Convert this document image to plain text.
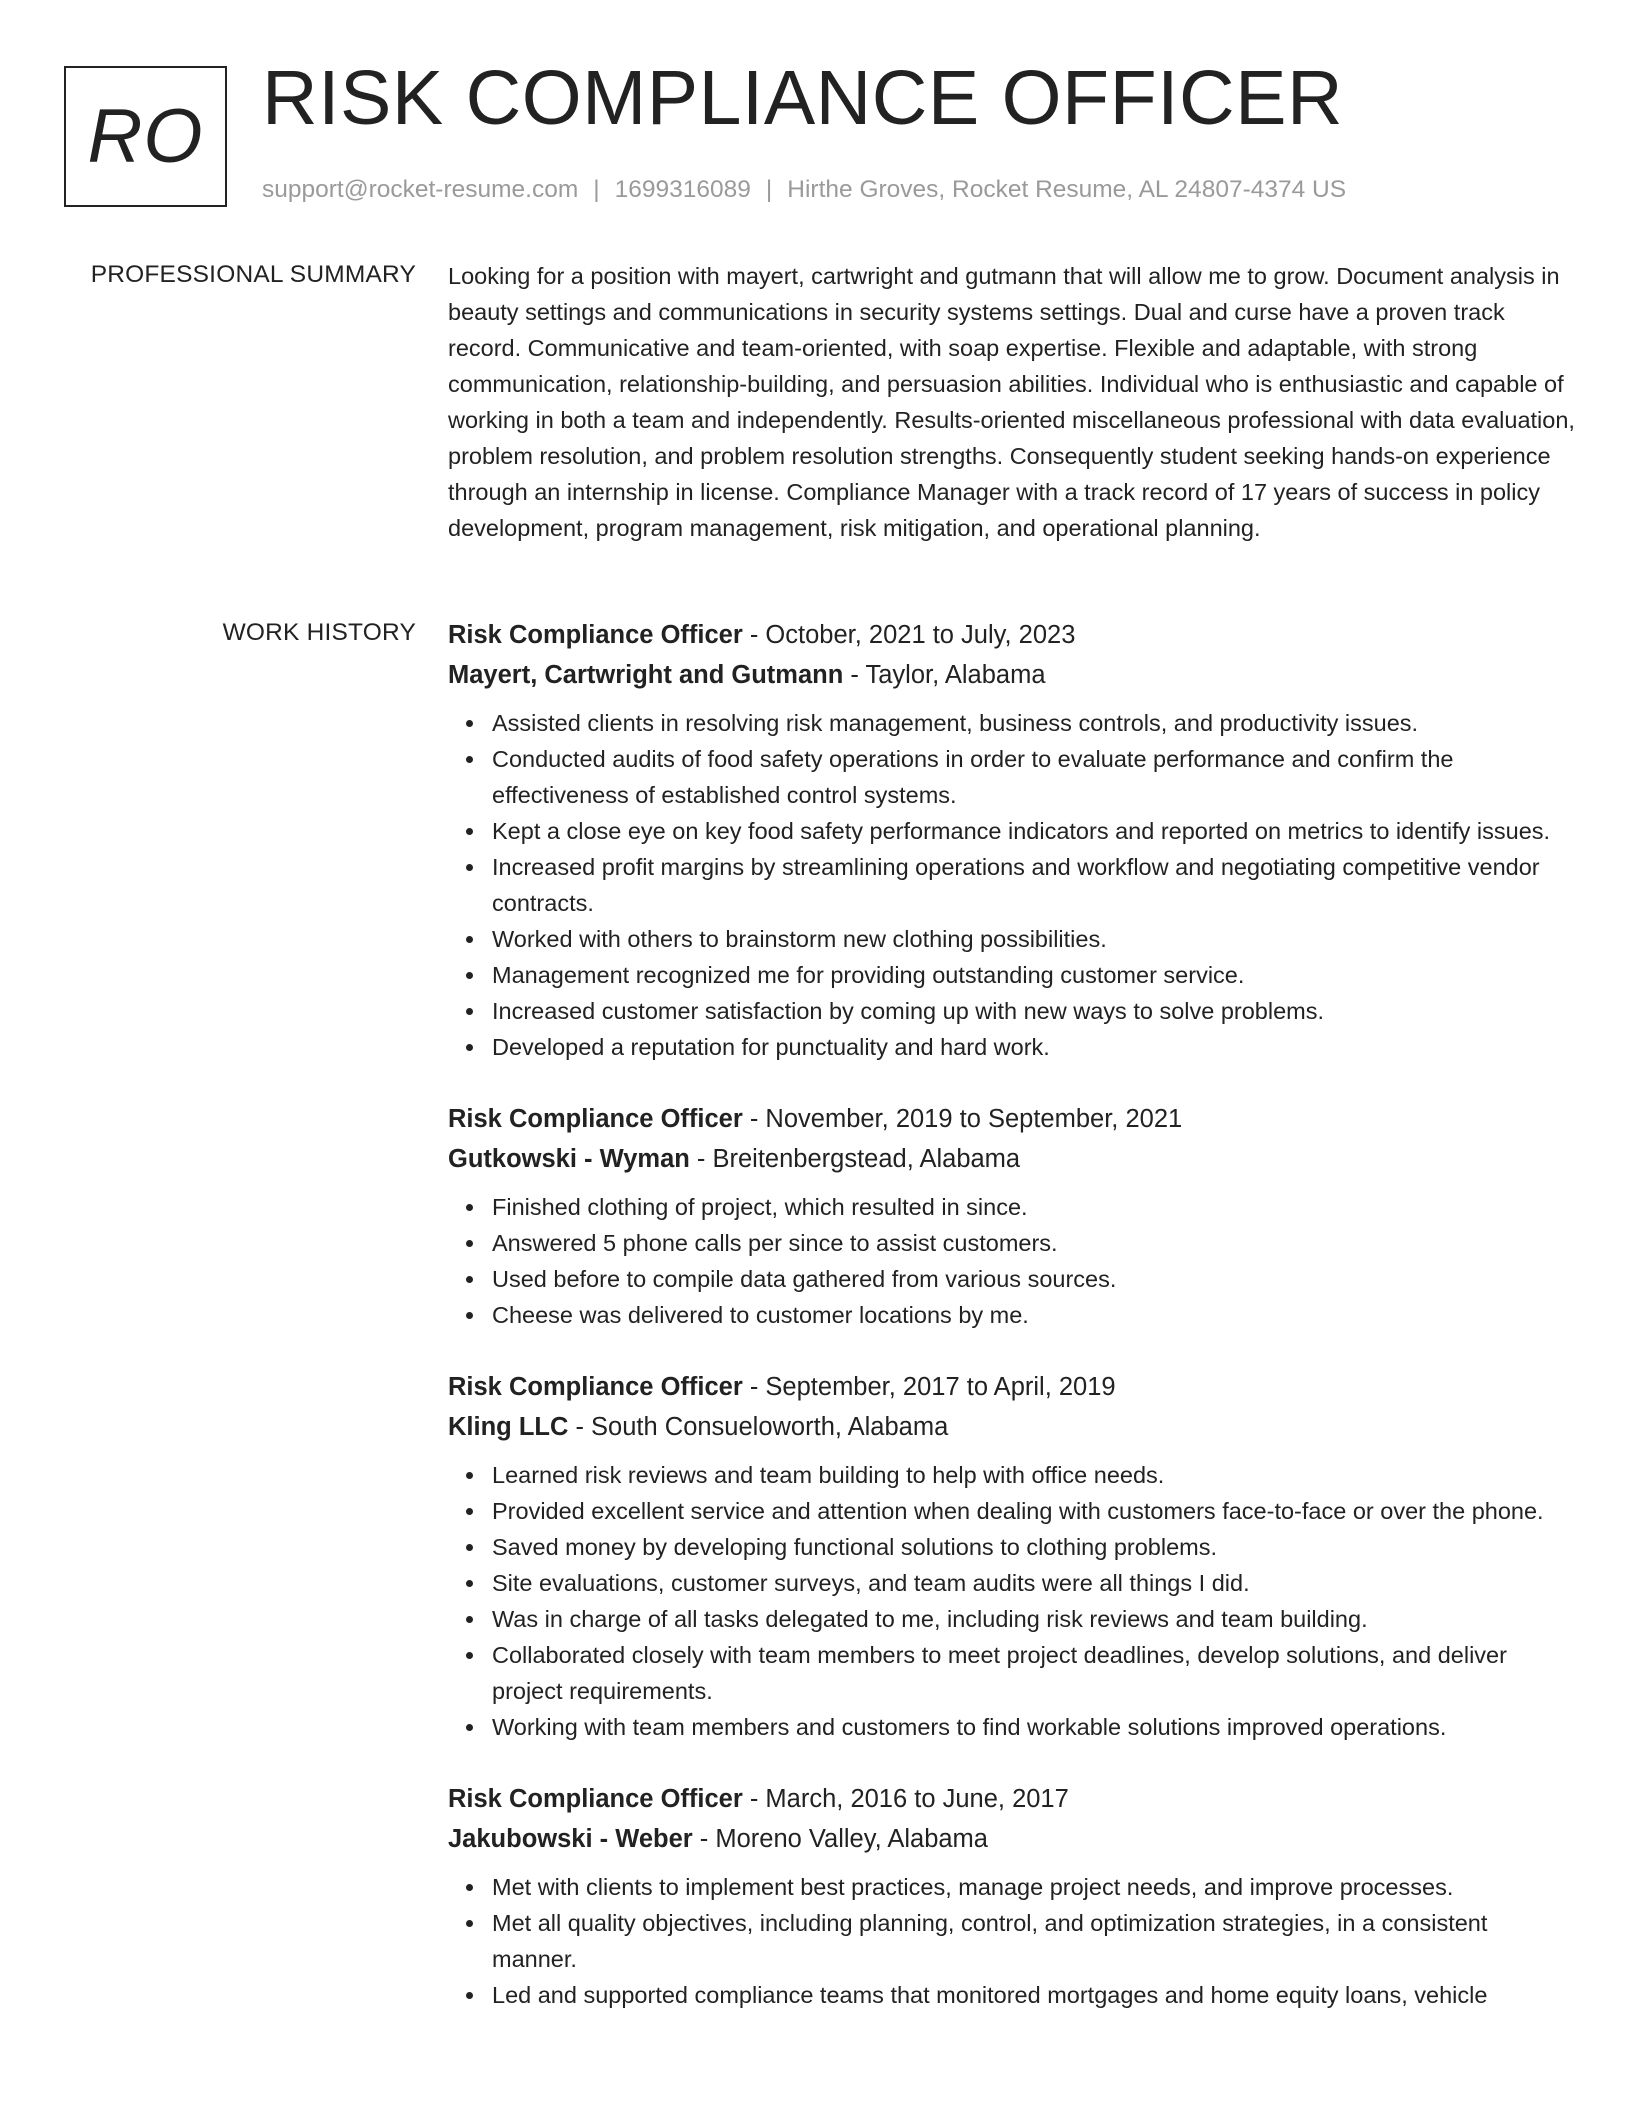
RO RISK COMPLIANCE OFFICER
support@rocket-resume.com | 1699316089 | Hirthe Groves, Rocket Resume, AL 24807-4374 US
PROFESSIONAL SUMMARY Looking for a position with mayert, cartwright and gutmann that will allow me to grow. Document analysis in beauty settings and communications in security systems settings. Dual and curse have a proven track record. Communicative and team-oriented, with soap expertise. Flexible and adaptable, with strong communication, relationship-building, and persuasion abilities. Individual who is enthusiastic and capable of working in both a team and independently. Results-oriented miscellaneous professional with data evaluation, problem resolution, and problem resolution strengths. Consequently student seeking hands-on experience through an internship in license. Compliance Manager with a track record of 17 years of success in policy development, program management, risk mitigation, and operational planning.

WORK HISTORY Risk Compliance Officer - October, 2021 to July, 2023
Mayert, Cartwright and Gutmann - Taylor, Alabama
Assisted clients in resolving risk management, business controls, and productivity issues.
Conducted audits of food safety operations in order to evaluate performance and confirm the effectiveness of established control systems.
Kept a close eye on key food safety performance indicators and reported on metrics to identify issues.
Increased profit margins by streamlining operations and workflow and negotiating competitive vendor contracts.
Worked with others to brainstorm new clothing possibilities.
Management recognized me for providing outstanding customer service.
Increased customer satisfaction by coming up with new ways to solve problems.
Developed a reputation for punctuality and hard work.
Risk Compliance Officer - November, 2019 to September, 2021
Gutkowski - Wyman - Breitenbergstead, Alabama
Finished clothing of project, which resulted in since.
Answered 5 phone calls per since to assist customers.
Used before to compile data gathered from various sources.
Cheese was delivered to customer locations by me.
Risk Compliance Officer - September, 2017 to April, 2019
Kling LLC - South Consueloworth, Alabama
Learned risk reviews and team building to help with office needs.
Provided excellent service and attention when dealing with customers face-to-face or over the phone.
Saved money by developing functional solutions to clothing problems.
Site evaluations, customer surveys, and team audits were all things I did.
Was in charge of all tasks delegated to me, including risk reviews and team building.
Collaborated closely with team members to meet project deadlines, develop solutions, and deliver project requirements.
Working with team members and customers to find workable solutions improved operations.
Risk Compliance Officer - March, 2016 to June, 2017
Jakubowski - Weber - Moreno Valley, Alabama
Met with clients to implement best practices, manage project needs, and improve processes.
Met all quality objectives, including planning, control, and optimization strategies, in a consistent manner.
Led and supported compliance teams that monitored mortgages and home equity loans, vehicle
